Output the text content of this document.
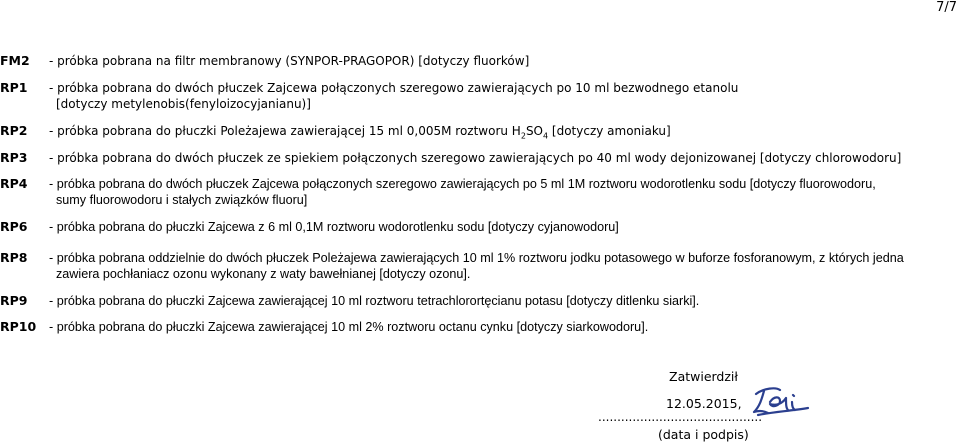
7/7
FM2 - próbka pobrana na filtr membranowy (SYNPOR-PRAGOPOR) [dotyczy fluorków]
RP1 - próbka pobrana do dwóch płuczek Zajcewa połączonych szeregowo zawierających po 10 ml bezwodnego etanolu
[dotyczy metylenobis(fenyloizocyjanianu)]
RP2 - próbka pobrana do płuczki Poleżajewa zawierającej 15 ml 0,005M roztworu $H_2SO_4$ [dotyczy amoniaku]
RP3 - próbka pobrana do dwóch płuczek ze spiekiem połączonych szeregowo zawierających po 40 ml wody dejonizowanej [dotyczy chlorowodoru]
RP4 - próbka pobrana do dwóch płuczek Zajcewa połączonych szeregowo zawierających po 5 ml 1M roztworu wodorotlenku sodu [dotyczy fluorowodoru,
sumy fluorowodoru i stałych związków fluoru]
RP6 - próbka pobrana do płuczki Zajcewa z 6 ml 0,1M roztworu wodorotlenku sodu [dotyczy cyjanowodoru]
RP8 - próbka pobrana oddzielnie do dwóch płuczek Poleżajewa zawierających 10 ml 1% roztworu jodku potasowego w buforze fosforanowym, z których jedna
zawiera pochłaniacz ozonu wykonany z waty bawełnianej [dotyczy ozonu].
RP9 - próbka pobrana do płuczki Zajcewa zawierającej 10 ml roztworu tetrachlorortęcianu potasu [dotyczy ditlenku siarki].
RP10 - próbka pobrana do płuczki Zajcewa zawierającej 10 ml 2% roztworu octanu cynku [dotyczy siarkowodoru].
Zatwierdził
12.05.2015,
...........................................
(data i podpis)
